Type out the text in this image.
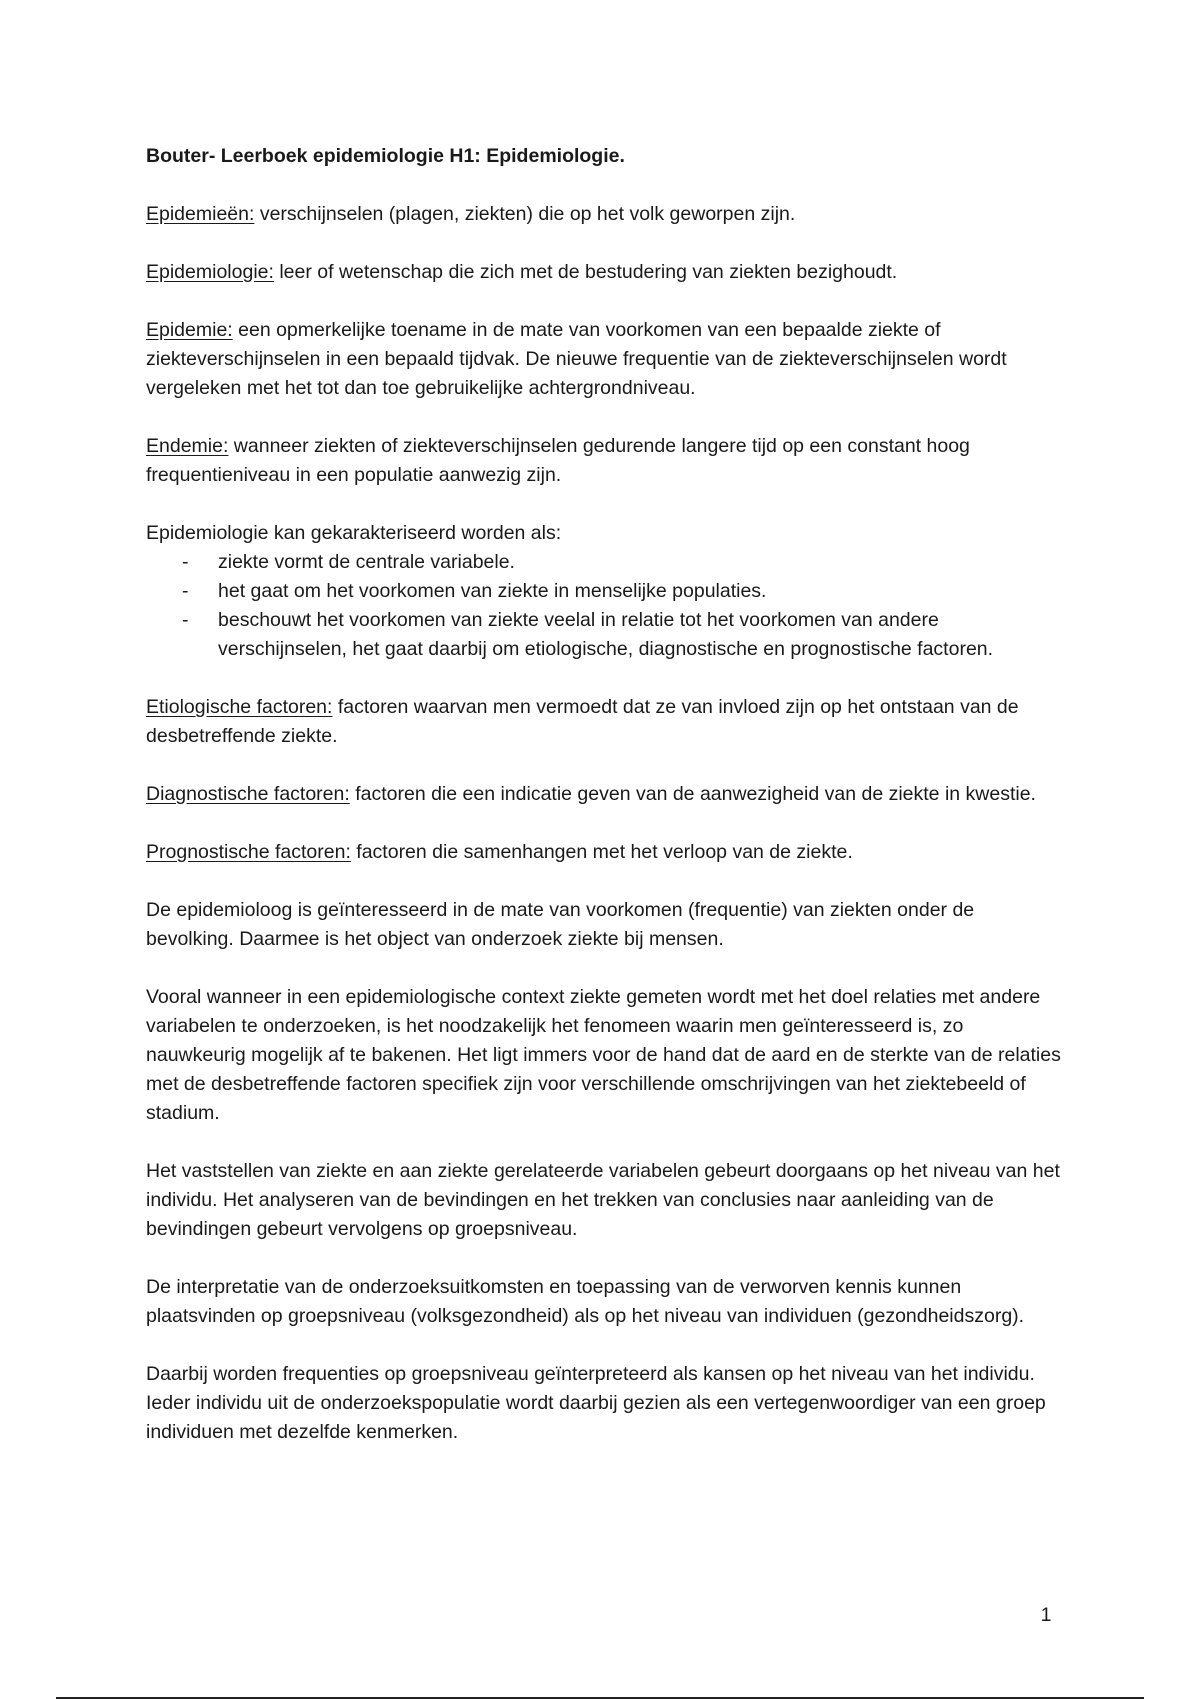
Bouter- Leerboek epidemiologie H1: Epidemiologie.

Epidemieën: verschijnselen (plagen, ziekten) die op het volk geworpen zijn.

Epidemiologie: leer of wetenschap die zich met de bestudering van ziekten bezighoudt.

Epidemie: een opmerkelijke toename in de mate van voorkomen van een bepaalde ziekte of ziekteverschijnselen in een bepaald tijdvak. De nieuwe frequentie van de ziekteverschijnselen wordt vergeleken met het tot dan toe gebruikelijke achtergrondniveau.

Endemie: wanneer ziekten of ziekteverschijnselen gedurende langere tijd op een constant hoog frequentieniveau in een populatie aanwezig zijn.

Epidemiologie kan gekarakteriseerd worden als:
- ziekte vormt de centrale variabele.
- het gaat om het voorkomen van ziekte in menselijke populaties.
- beschouwt het voorkomen van ziekte veelal in relatie tot het voorkomen van andere verschijnselen, het gaat daarbij om etiologische, diagnostische en prognostische factoren.

Etiologische factoren: factoren waarvan men vermoedt dat ze van invloed zijn op het ontstaan van de desbetreffende ziekte.

Diagnostische factoren: factoren die een indicatie geven van de aanwezigheid van de ziekte in kwestie.

Prognostische factoren: factoren die samenhangen met het verloop van de ziekte.

De epidemioloog is geïnteresseerd in de mate van voorkomen (frequentie) van ziekten onder de bevolking. Daarmee is het object van onderzoek ziekte bij mensen.

Vooral wanneer in een epidemiologische context ziekte gemeten wordt met het doel relaties met andere variabelen te onderzoeken, is het noodzakelijk het fenomeen waarin men geïnteresseerd is, zo nauwkeurig mogelijk af te bakenen. Het ligt immers voor de hand dat de aard en de sterkte van de relaties met de desbetreffende factoren specifiek zijn voor verschillende omschrijvingen van het ziektebeeld of stadium.

Het vaststellen van ziekte en aan ziekte gerelateerde variabelen gebeurt doorgaans op het niveau van het individu. Het analyseren van de bevindingen en het trekken van conclusies naar aanleiding van de bevindingen gebeurt vervolgens op groepsniveau.

De interpretatie van de onderzoeksuitkomsten en toepassing van de verworven kennis kunnen plaatsvinden op groepsniveau (volksgezondheid) als op het niveau van individuen (gezondheidszorg).

Daarbij worden frequenties op groepsniveau geïnterpreteerd als kansen op het niveau van het individu. Ieder individu uit de onderzoekspopulatie wordt daarbij gezien als een vertegenwoordiger van een groep individuen met dezelfde kenmerken.

1
